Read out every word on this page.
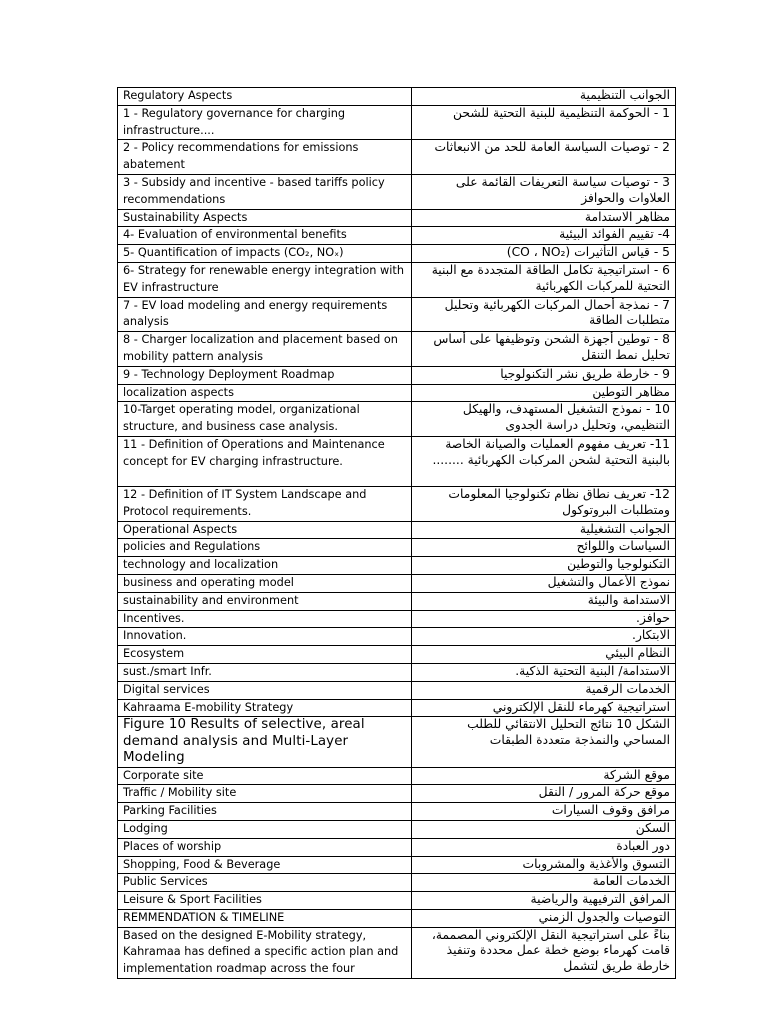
Regulatory Aspects	الجوانب التنظيمية
1 - Regulatory governance for charging infrastructure....	1 - الحوكمة التنظيمية للبنية التحتية للشحن
2 - Policy recommendations for emissions abatement	2 - توصيات السياسة العامة للحد من الانبعاثات
3 - Subsidy and incentive - based tariffs policy recommendations	3 - توصيات سياسة التعريفات القائمة على العلاوات والحوافز
Sustainability Aspects	مظاهر الاستدامة
4- Evaluation of environmental benefits	4- تقييم الفوائد البيئية
5- Quantification of impacts (CO₂, NOₓ)	5 - قياس التأثيرات (CO ، NO₂)
6- Strategy for renewable energy integration with EV infrastructure	6 - استراتيجية تكامل الطاقة المتجددة مع البنية التحتية للمركبات الكهربائية
7 - EV load modeling and energy requirements analysis	7 - نمذجة أحمال المركبات الكهربائية وتحليل متطلبات الطاقة
8 - Charger localization and placement based on mobility pattern analysis	8 - توطين أجهزة الشحن وتوظيفها على أساس تحليل نمط التنقل
9 - Technology Deployment Roadmap	9 - خارطة طريق نشر التكنولوجيا
localization aspects	مظاهر التوطين
10-Target operating model, organizational structure, and business case analysis.	10 - نموذج التشغيل المستهدف، والهيكل التنظيمي، وتحليل دراسة الجدوى
11 - Definition of Operations and Maintenance concept for EV charging infrastructure.	11- تعريف مفهوم العمليات والصيانة الخاصة بالبنية التحتية لشحن المركبات الكهربائية ........
12 - Definition of IT System Landscape and Protocol requirements.	12- تعريف نطاق نظام تكنولوجيا المعلومات ومتطلبات البروتوكول
Operational Aspects	الجوانب التشغيلية
policies and Regulations	السياسات واللوائح
technology and localization	التكنولوجيا والتوطين
business and operating model	نموذج الأعمال والتشغيل
sustainability and environment	الاستدامة والبيئة
Incentives.	حوافز.
Innovation.	الابتكار.
Ecosystem	النظام البيئي
sust./smart Infr.	الاستدامة/ البنية التحتية الذكية.
Digital services	الخدمات الرقمية
Kahraama E-mobility Strategy	استراتيجية كهرماء للنقل الإلكتروني
Figure 10 Results of selective, areal demand analysis and Multi-Layer Modeling	الشكل 10 نتائج التحليل الانتقائي للطلب المساحي والنمذجة متعددة الطبقات
Corporate site	موقع الشركة
Traffic / Mobility site	موقع حركة المرور / النقل
Parking Facilities	مرافق وقوف السيارات
Lodging	السكن
Places of worship	دور العبادة
Shopping, Food & Beverage	التسوق والأغذية والمشروبات
Public Services	الخدمات العامة
Leisure & Sport Facilities	المرافق الترفيهية والرياضية
REMMENDATION & TIMELINE	التوصيات والجدول الزمني
Based on the designed E-Mobility strategy, Kahramaa has defined a specific action plan and implementation roadmap across the four	بناءً على استراتيجية النقل الإلكتروني المصممة، قامت كهرماء بوضع خطة عمل محددة وتنفيذ خارطة طريق لتشمل
